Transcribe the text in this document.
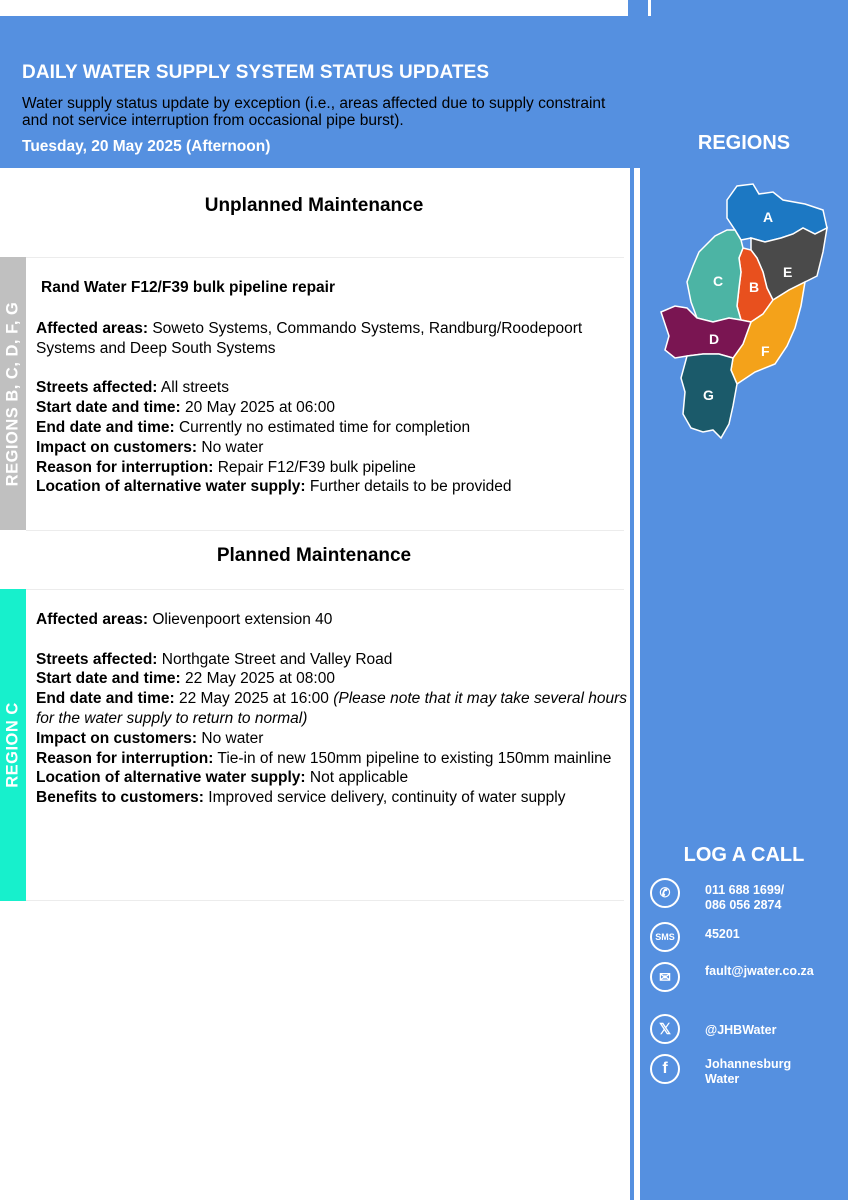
DAILY WATER SUPPLY SYSTEM STATUS UPDATES
Water supply status update by exception (i.e., areas affected due to supply constraint and not service interruption from occasional pipe burst).
Tuesday, 20 May 2025 (Afternoon)	REGIONS
A
E
B
C
F
D
G
LOG A CALL
✆	011 688 1699/
086 056 2874
SMS	45201
✉	fault@jwater.co.za
𝕏	@JHBWater
f	Johannesburg
Water
Unplanned Maintenance
REGIONS B, C, D, F, G
Rand Water F12/F39 bulk pipeline repair

Affected areas: Soweto Systems, Commando Systems, Randburg/Roodepoort Systems and Deep South Systems

Streets affected: All streets

Start date and time: 20 May 2025 at 06:00

End date and time: Currently no estimated time for completion

Impact on customers: No water

Reason for interruption: Repair F12/F39 bulk pipeline

Location of alternative water supply: Further details to be provided

Planned Maintenance
REGION C

Affected areas: Olievenpoort extension 40

Streets affected: Northgate Street and Valley Road

Start date and time: 22 May 2025 at 08:00

End date and time: 22 May 2025 at 16:00 (Please note that it may take several hours for the water supply to return to normal)

Impact on customers: No water

Reason for interruption: Tie-in of new 150mm pipeline to existing 150mm mainline

Location of alternative water supply: Not applicable

Benefits to customers: Improved service delivery, continuity of water supply
